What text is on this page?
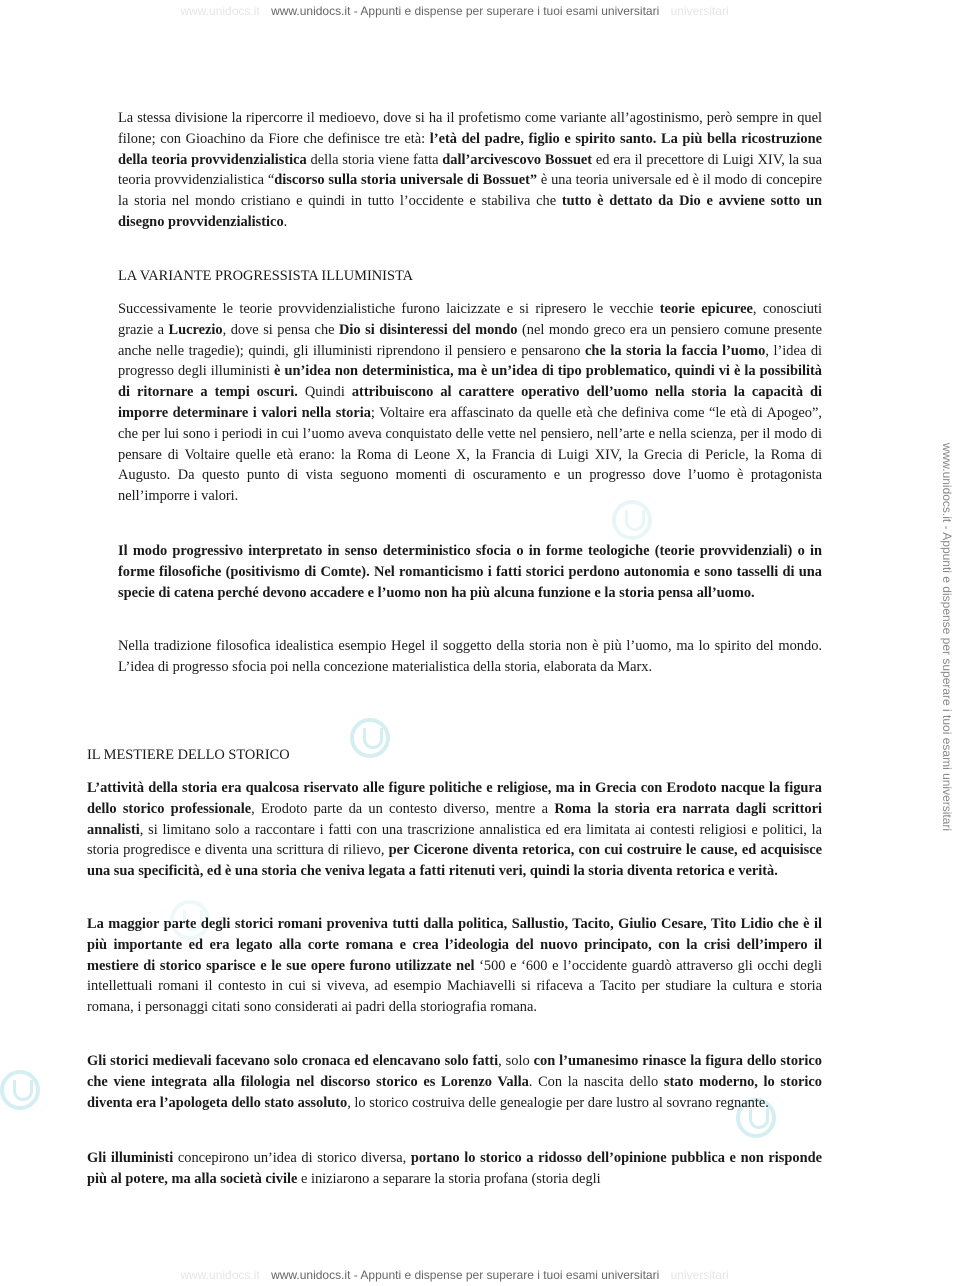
www.unidocs.it www.unidocs.it - Appunti e dispense per superare i tuoi esami universitari universitari
www.unidocs.it - Appunti e dispense per superare i tuoi esami universitari

La stessa divisione la ripercorre il medioevo, dove si ha il profetismo come variante all’agostinismo, però sempre in quel filone; con Gioachino da Fiore che definisce tre età: l’età del padre, figlio e spirito santo. La più bella ricostruzione della teoria provvidenzialistica della storia viene fatta dall’arcivescovo Bossuet ed era il precettore di Luigi XIV, la sua teoria provvidenzialistica “discorso sulla storia universale di Bossuet” è una teoria universale ed è il modo di concepire la storia nel mondo cristiano e quindi in tutto l’occidente e stabiliva che tutto è dettato da Dio e avviene sotto un disegno provvidenzialistico.

LA VARIANTE PROGRESSISTA ILLUMINISTA

Successivamente le teorie provvidenzialistiche furono laicizzate e si ripresero le vecchie teorie epicuree, conosciuti grazie a Lucrezio, dove si pensa che Dio si disinteressi del mondo (nel mondo greco era un pensiero comune presente anche nelle tragedie); quindi, gli illuministi riprendono il pensiero e pensarono che la storia la faccia l’uomo, l’idea di progresso degli illuministi è un’idea non deterministica, ma è un’idea di tipo problematico, quindi vi è la possibilità di ritornare a tempi oscuri. Quindi attribuiscono al carattere operativo dell’uomo nella storia la capacità di imporre determinare i valori nella storia; Voltaire era affascinato da quelle età che definiva come “le età di Apogeo”, che per lui sono i periodi in cui l’uomo aveva conquistato delle vette nel pensiero, nell’arte e nella scienza, per il modo di pensare di Voltaire quelle età erano: la Roma di Leone X, la Francia di Luigi XIV, la Grecia di Pericle, la Roma di Augusto. Da questo punto di vista seguono momenti di oscuramento e un progresso dove l’uomo è protagonista nell’imporre i valori.

Il modo progressivo interpretato in senso deterministico sfocia o in forme teologiche (teorie provvidenziali) o in forme filosofiche (positivismo di Comte). Nel romanticismo i fatti storici perdono autonomia e sono tasselli di una specie di catena perché devono accadere e l’uomo non ha più alcuna funzione e la storia pensa all’uomo.

Nella tradizione filosofica idealistica esempio Hegel il soggetto della storia non è più l’uomo, ma lo spirito del mondo. L’idea di progresso sfocia poi nella concezione materialistica della storia, elaborata da Marx.

IL MESTIERE DELLO STORICO

L’attività della storia era qualcosa riservato alle figure politiche e religiose, ma in Grecia con Erodoto nacque la figura dello storico professionale, Erodoto parte da un contesto diverso, mentre a Roma la storia era narrata dagli scrittori annalisti, si limitano solo a raccontare i fatti con una trascrizione annalistica ed era limitata ai contesti religiosi e politici, la storia progredisce e diventa una scrittura di rilievo, per Cicerone diventa retorica, con cui costruire le cause, ed acquisisce una sua specificità, ed è una storia che veniva legata a fatti ritenuti veri, quindi la storia diventa retorica e verità.

La maggior parte degli storici romani proveniva tutti dalla politica, Sallustio, Tacito, Giulio Cesare, Tito Lidio che è il più importante ed era legato alla corte romana e crea l’ideologia del nuovo principato, con la crisi dell’impero il mestiere di storico sparisce e le sue opere furono utilizzate nel ‘500 e ‘600 e l’occidente guardò attraverso gli occhi degli intellettuali romani il contesto in cui si viveva, ad esempio Machiavelli si rifaceva a Tacito per studiare la cultura e storia romana, i personaggi citati sono considerati ai padri della storiografia romana.

Gli storici medievali facevano solo cronaca ed elencavano solo fatti, solo con l’umanesimo rinasce la figura dello storico che viene integrata alla filologia nel discorso storico es Lorenzo Valla. Con la nascita dello stato moderno, lo storico diventa era l’apologeta dello stato assoluto, lo storico costruiva delle genealogie per dare lustro al sovrano regnante.

Gli illuministi concepirono un’idea di storico diversa, portano lo storico a ridosso dell’opinione pubblica e non risponde più al potere, ma alla società civile e iniziarono a separare la storia profana (storia degli

www.unidocs.it www.unidocs.it - Appunti e dispense per superare i tuoi esami universitari universitari
